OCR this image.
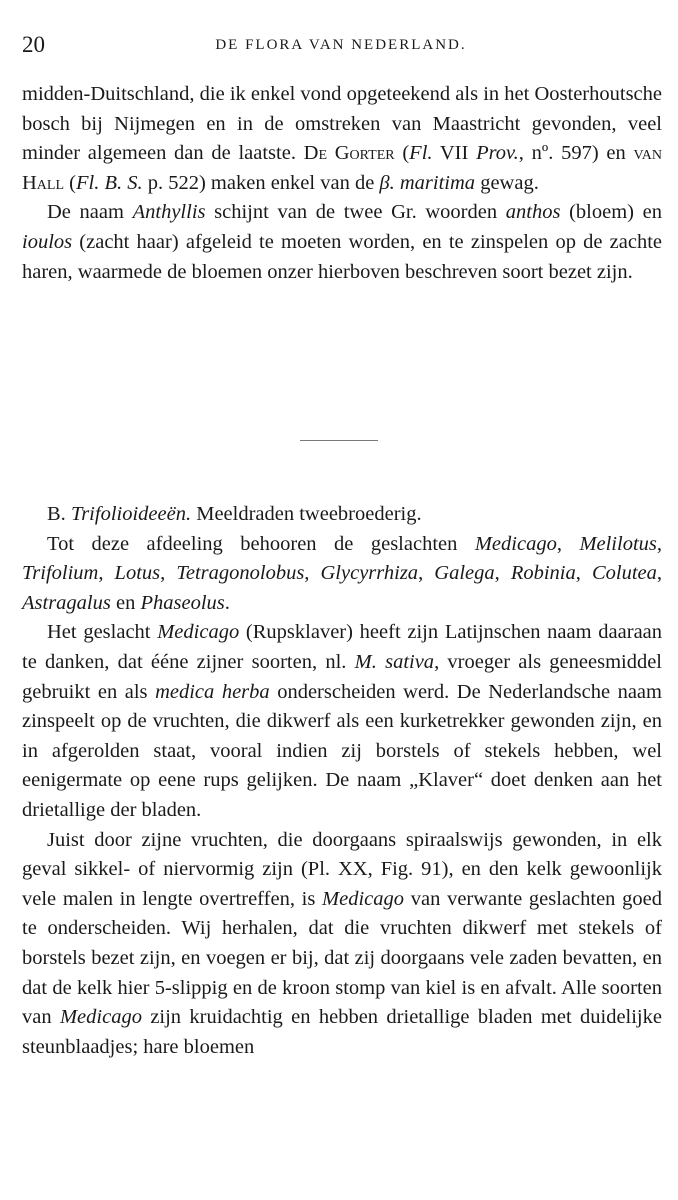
20	DE FLORA VAN NEDERLAND.

midden-Duitschland, die ik enkel vond opgeteekend als in het Oosterhoutsche bosch bij Nijmegen en in de omstreken van Maastricht gevonden, veel minder algemeen dan de laatste. De Gorter (Fl. VII Prov., nº. 597) en van Hall (Fl. B. S. p. 522) maken enkel van de β. maritima gewag.

De naam Anthyllis schijnt van de twee Gr. woorden anthos (bloem) en ioulos (zacht haar) afgeleid te moeten worden, en te zinspelen op de zachte haren, waarmede de bloemen onzer hierboven beschreven soort bezet zijn.

B. Trifolioideeën. Meeldraden tweebroederig.

Tot deze afdeeling behooren de geslachten Medicago, Melilotus, Trifolium, Lotus, Tetragonolobus, Glycyrrhiza, Galega, Robinia, Colutea, Astragalus en Phaseolus.

Het geslacht Medicago (Rupsklaver) heeft zijn Latijnschen naam daaraan te danken, dat ééne zijner soorten, nl. M. sativa, vroeger als geneesmiddel gebruikt en als medica herba onderscheiden werd. De Nederlandsche naam zinspeelt op de vruchten, die dikwerf als een kurketrekker gewonden zijn, en in afgerolden staat, vooral indien zij borstels of stekels hebben, wel eenigermate op eene rups gelijken. De naam „Klaver“ doet denken aan het drietallige der bladen.

Juist door zijne vruchten, die doorgaans spiraalswijs gewonden, in elk geval sikkel- of niervormig zijn (Pl. XX, Fig. 91), en den kelk gewoonlijk vele malen in lengte overtreffen, is Medicago van verwante geslachten goed te onderscheiden. Wij herhalen, dat die vruchten dikwerf met stekels of borstels bezet zijn, en voegen er bij, dat zij doorgaans vele zaden bevatten, en dat de kelk hier 5-slippig en de kroon stomp van kiel is en afvalt. Alle soorten van Medicago zijn kruidachtig en hebben drietallige bladen met duidelijke steunblaadjes; hare bloemen
